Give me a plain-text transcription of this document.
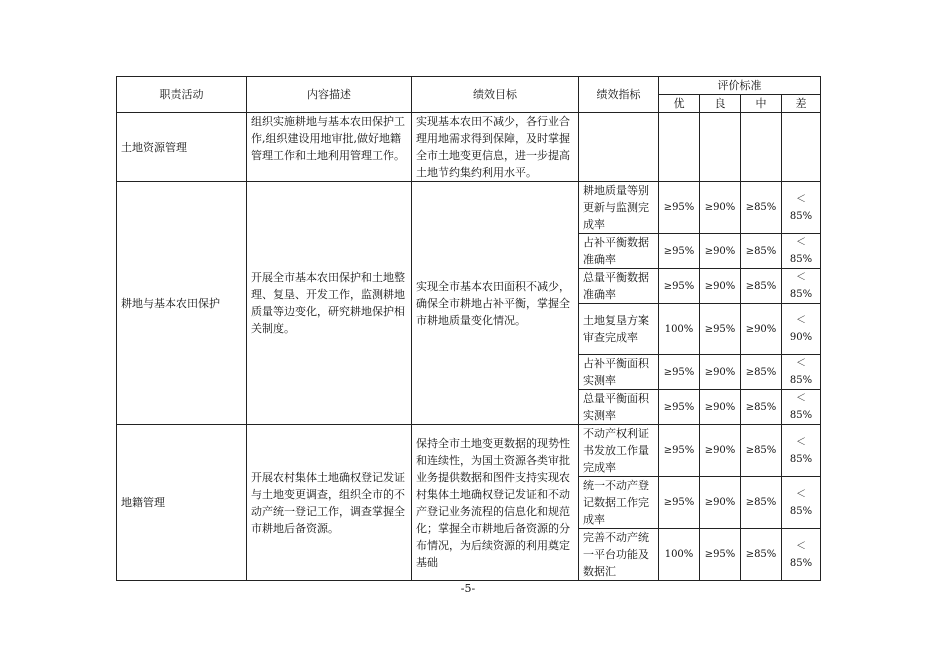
职责活动	内容描述	绩效目标	绩效指标	评价标准			
				优	良	中	差
土地资源管理	组织实施耕地与基本农田保护工作,组织建设用地审批,做好地籍管理工作和土地利用管理工作。	实现基本农田不减少，各行业合理用地需求得到保障，及时掌握全市土地变更信息，进一步提高土地节约集约利用水平。					
耕地与基本农田保护	开展全市基本农田保护和土地整理、复垦、开发工作，监测耕地质量等边变化，研究耕地保护相关制度。	实现全市基本农田面积不减少，确保全市耕地占补平衡，掌握全市耕地质量变化情况。	耕地质量等别更新与监测完成率	≥95%	≥90%	≥85%	＜85%
			占补平衡数据准确率	≥95%	≥90%	≥85%	＜85%
			总量平衡数据准确率	≥95%	≥90%	≥85%	＜85%
			土地复垦方案审查完成率	100%	≥95%	≥90%	＜90%
			占补平衡面积实测率	≥95%	≥90%	≥85%	＜85%
			总量平衡面积实测率	≥95%	≥90%	≥85%	＜85%
地籍管理	开展农村集体土地确权登记发证与土地变更调查，组织全市的不动产统一登记工作，调查掌握全市耕地后备资源。	保持全市土地变更数据的现势性和连续性，为国土资源各类审批业务提供数据和图件支持实现农村集体土地确权登记发证和不动产登记业务流程的信息化和规范化；掌握全市耕地后备资源的分布情况，为后续资源的利用奠定基础	不动产权利证书发放工作量完成率	≥95%	≥90%	≥85%	＜85%
			统一不动产登记数据工作完成率	≥95%	≥90%	≥85%	＜85%
			完善不动产统一平台功能及数据汇	100%	≥95%	≥85%	＜85%
-5-
